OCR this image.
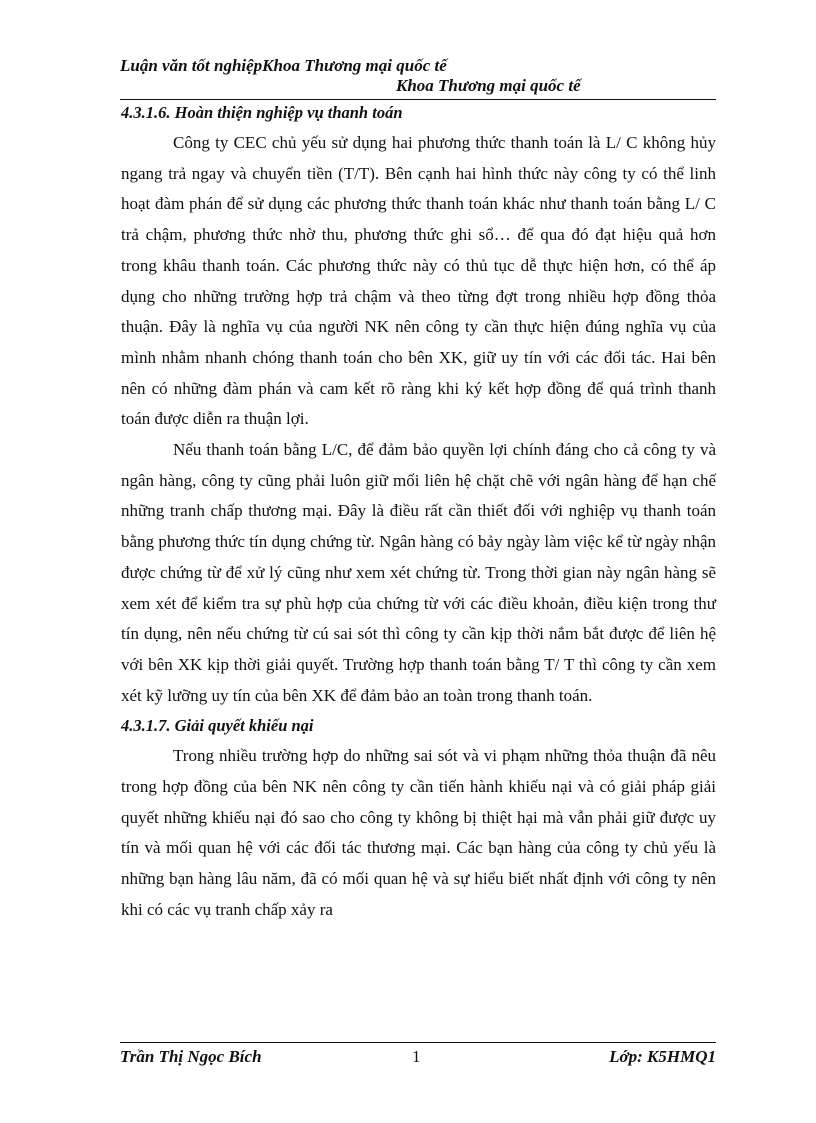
Luận văn tốt nghiệpKhoa Thương mại quốc tế
Khoa Thương mại quốc tế
4.3.1.6. Hoàn thiện nghiệp vụ thanh toán

Công ty CEC chủ yếu sử dụng hai phương thức thanh toán là L/ C không hủy ngang trả ngay và chuyển tiền (T/T). Bên cạnh hai hình thức này công ty có thể linh hoạt đàm phán để sử dụng các phương thức thanh toán khác như thanh toán bằng L/ C trả chậm, phương thức nhờ thu, phương thức ghi sổ… để qua đó đạt hiệu quả hơn trong khâu thanh toán. Các phương thức này có thủ tục dễ thực hiện hơn, có thể áp dụng cho những trường hợp trả chậm và theo từng đợt trong nhiều hợp đồng thỏa thuận. Đây là nghĩa vụ của người NK nên công ty cần thực hiện đúng nghĩa vụ của mình nhằm nhanh chóng thanh toán cho bên XK, giữ uy tín với các đối tác. Hai bên nên có những đàm phán và cam kết rõ ràng khi ký kết hợp đồng để quá trình thanh toán được diễn ra thuận lợi.

Nếu thanh toán bằng L/C, để đảm bảo quyền lợi chính đáng cho cả công ty và ngân hàng, công ty cũng phải luôn giữ mối liên hệ chặt chẽ với ngân hàng để hạn chế những tranh chấp thương mại. Đây là điều rất cần thiết đối với nghiệp vụ thanh toán bằng phương thức tín dụng chứng từ. Ngân hàng có bảy ngày làm việc kể từ ngày nhận được chứng từ để xử lý cũng như xem xét chứng từ. Trong thời gian này ngân hàng sẽ xem xét để kiểm tra sự phù hợp của chứng từ với các điều khoản, điều kiện trong thư tín dụng, nên nếu chứng từ cú sai sót thì công ty cần kịp thời nắm bắt được để liên hệ với bên XK kịp thời giải quyết. Trường hợp thanh toán bằng T/ T thì công ty cần xem xét kỹ lưỡng uy tín của bên XK để đảm bảo an toàn trong thanh toán.

4.3.1.7. Giải quyết khiếu nại

Trong nhiều trường hợp do những sai sót và vi phạm những thỏa thuận đã nêu trong hợp đồng của bên NK nên công ty cần tiến hành khiếu nại và có giải pháp giải quyết những khiếu nại đó sao cho công ty không bị thiệt hại mà vẫn phải giữ được uy tín và mối quan hệ với các đối tác thương mại. Các bạn hàng của công ty chủ yếu là những bạn hàng lâu năm, đã có mối quan hệ và sự hiểu biết nhất định với công ty nên khi có các vụ tranh chấp xảy ra

Trần Thị Ngọc Bích	1	Lớp: K5HMQ1
